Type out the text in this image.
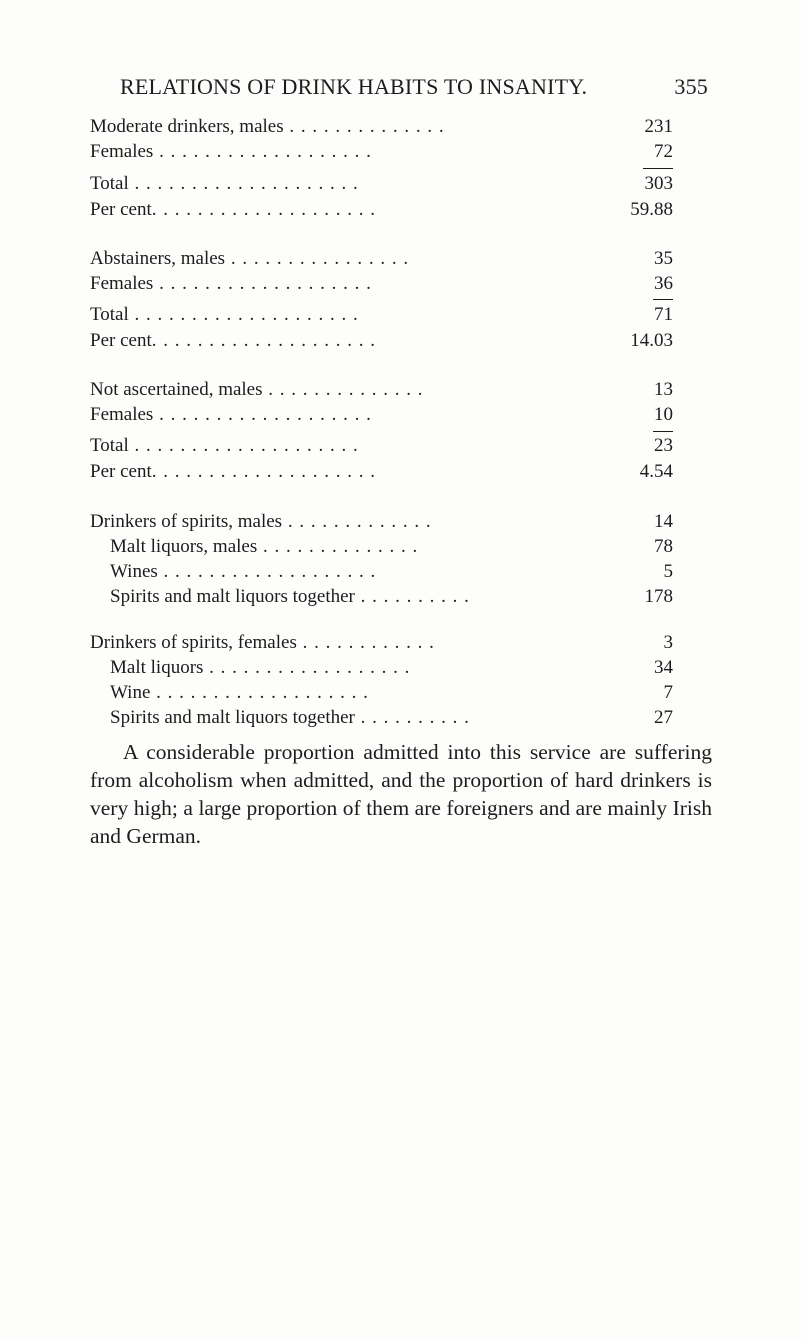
RELATIONS OF DRINK HABITS TO INSANITY.	355
Moderate drinkers, males . . . . . . . . . . . . . .	231
Females . . . . . . . . . . . . . . . . . . .	72
Total . . . . . . . . . . . . . . . . . . . .	303
Per cent. . . . . . . . . . . . . . . . . . . .	59.88
Abstainers, males . . . . . . . . . . . . . . . .	35
Females . . . . . . . . . . . . . . . . . . .	36
Total . . . . . . . . . . . . . . . . . . . .	71
Per cent. . . . . . . . . . . . . . . . . . . .	14.03
Not ascertained, males . . . . . . . . . . . . . .	13
Females . . . . . . . . . . . . . . . . . . .	10
Total . . . . . . . . . . . . . . . . . . . .	23
Per cent. . . . . . . . . . . . . . . . . . . .	4.54
Drinkers of spirits, males . . . . . . . . . . . . .	14
Malt liquors, males . . . . . . . . . . . . . .	78
Wines . . . . . . . . . . . . . . . . . . .	5
Spirits and malt liquors together . . . . . . . . . .	178
Drinkers of spirits, females . . . . . . . . . . . .	3
Malt liquors . . . . . . . . . . . . . . . . . .	34
Wine . . . . . . . . . . . . . . . . . . .	7
Spirits and malt liquors together . . . . . . . . . .	27

A considerable proportion admitted into this service are suffering from alcoholism when admitted, and the proportion of hard drinkers is very high; a large proportion of them are foreigners and are mainly Irish and German.
